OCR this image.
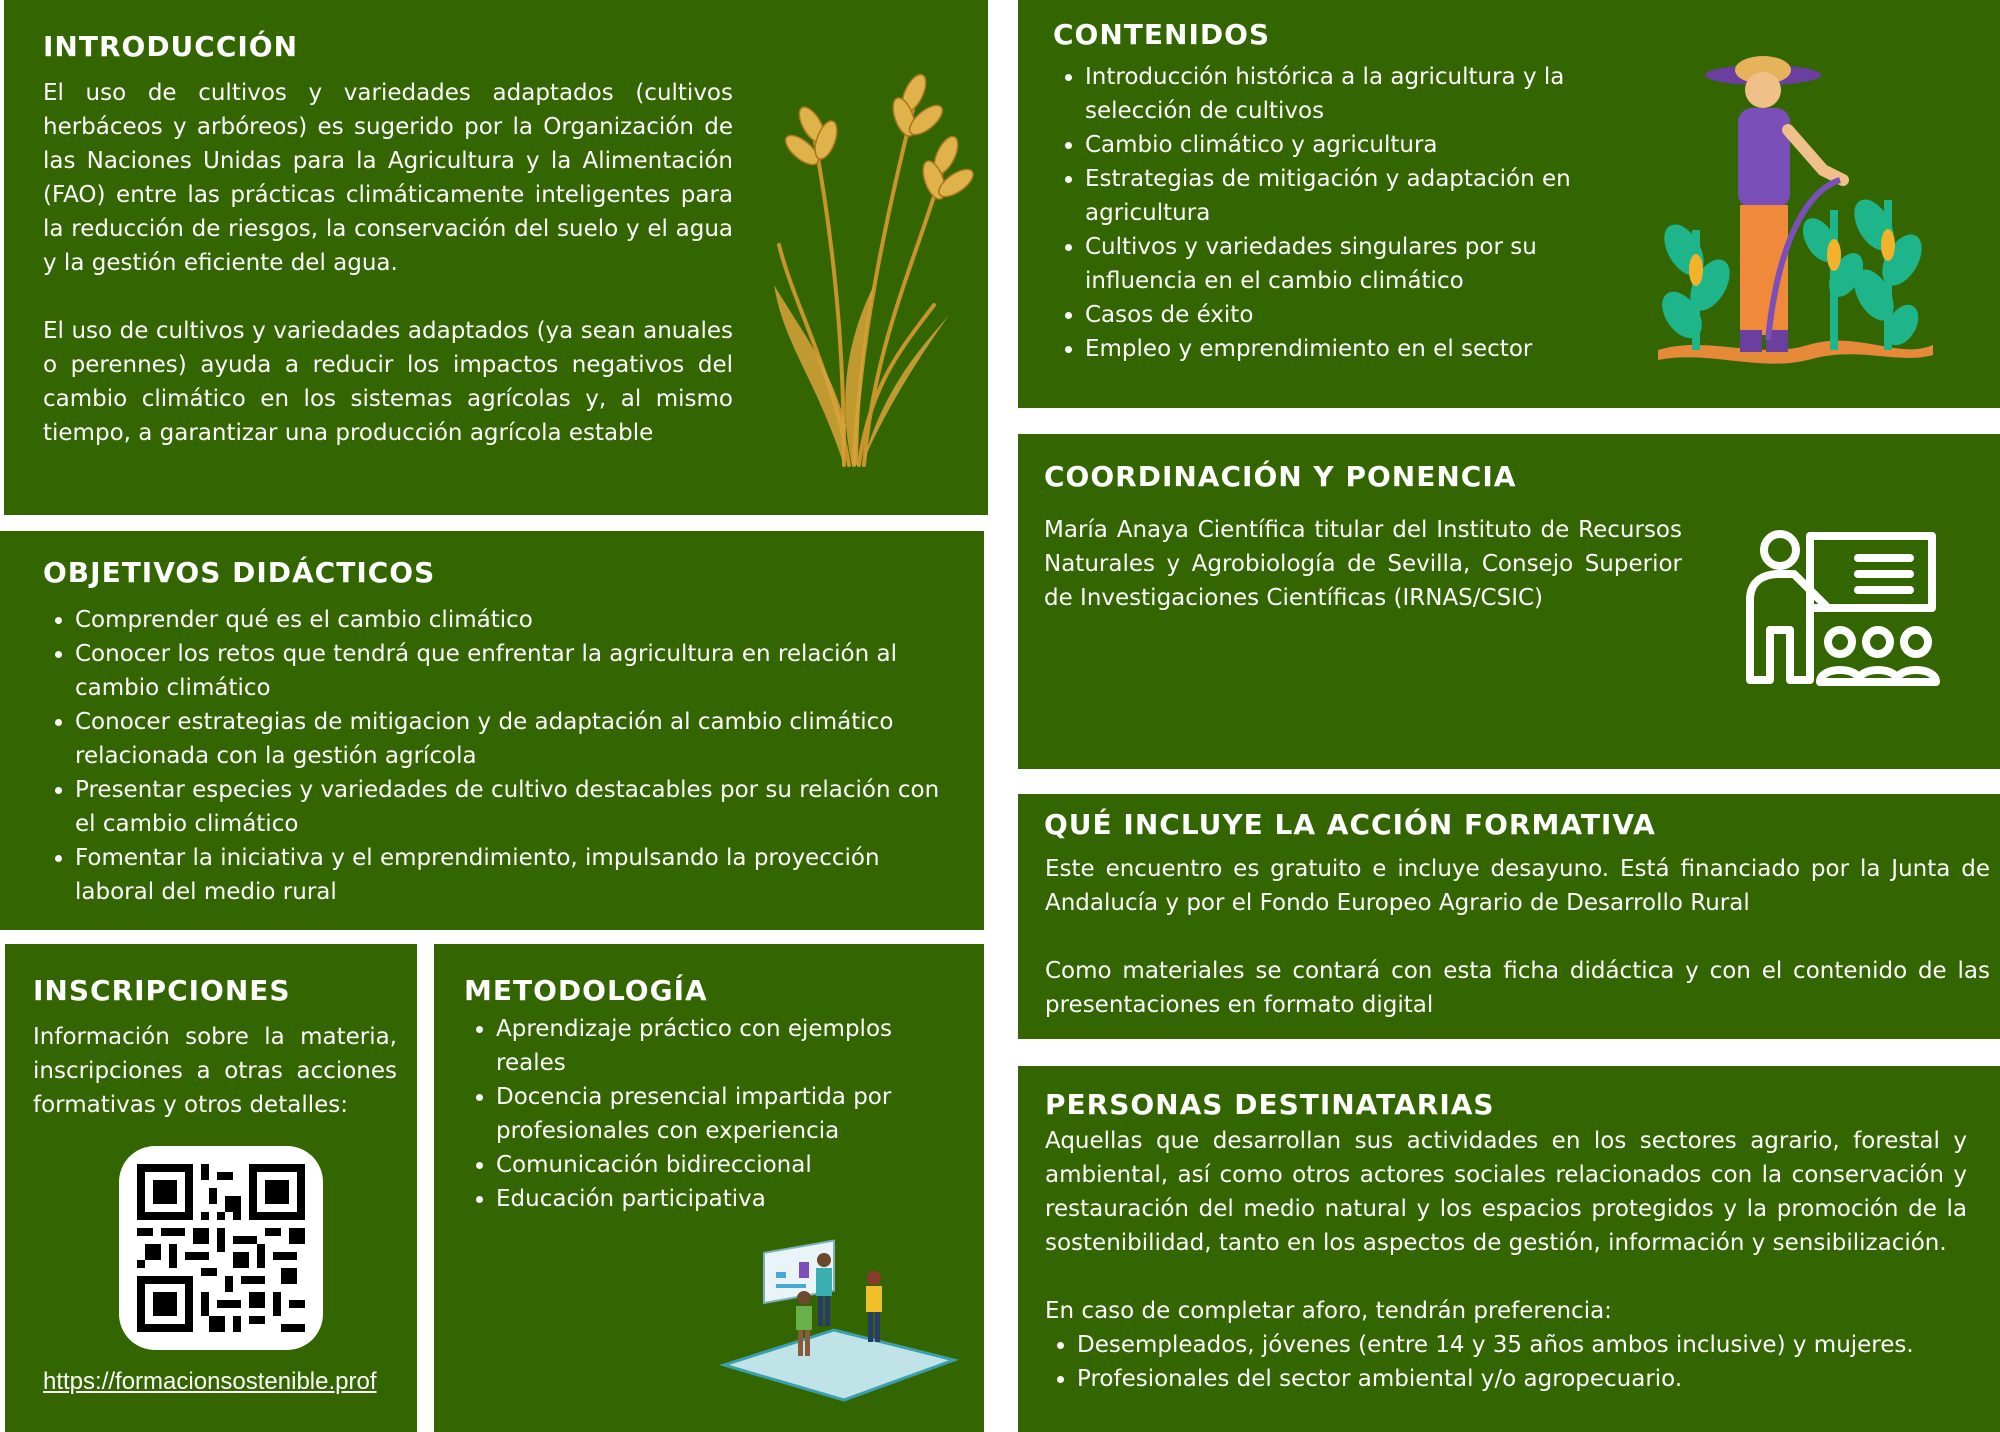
INTRODUCCIÓN

El uso de cultivos y variedades adaptados (cultivos herbáceos y arbóreos) es sugerido por la Organización de las Naciones Unidas para la Agricultura y la Alimentación (FAO) entre las prácticas climáticamente inteligentes para la reducción de riesgos, la conservación del suelo y el agua y la gestión eficiente del agua.

El uso de cultivos y variedades adaptados (ya sean anuales o perennes) ayuda a reducir los impactos negativos del cambio climático en los sistemas agrícolas y, al mismo tiempo, a garantizar una producción agrícola estable

CONTENIDOS
• Introducción histórica a la agricultura y la selección de cultivos
• Cambio climático y agricultura
• Estrategias de mitigación y adaptación en agricultura
• Cultivos y variedades singulares por su influencia en el cambio climático
• Casos de éxito
• Empleo y emprendimiento en el sector
COORDINACIÓN Y PONENCIA

María Anaya Científica titular del Instituto de Recursos Naturales y Agrobiología de Sevilla, Consejo Superior de Investigaciones Científicas (IRNAS/CSIC)

OBJETIVOS DIDÁCTICOS
• Comprender qué es el cambio climático
• Conocer los retos que tendrá que enfrentar la agricultura en relación al cambio climático
• Conocer estrategias de mitigacion y de adaptación al cambio climático relacionada con la gestión agrícola
• Presentar especies y variedades de cultivo destacables por su relación con el cambio climático
• Fomentar la iniciativa y el emprendimiento, impulsando la proyección laboral del medio rural
QUÉ INCLUYE LA ACCIÓN FORMATIVA

Este encuentro es gratuito e incluye desayuno. Está financiado por la Junta de Andalucía y por el Fondo Europeo Agrario de Desarrollo Rural

Como materiales se contará con esta ficha didáctica y con el contenido de las presentaciones en formato digital

INSCRIPCIONES

Información sobre la materia, inscripciones a otras acciones formativas y otros detalles:

https://formacionsostenible.prof
METODOLOGÍA
• Aprendizaje práctico con ejemplos reales
• Docencia presencial impartida por profesionales con experiencia
• Comunicación bidireccional
• Educación participativa
PERSONAS DESTINATARIAS

Aquellas que desarrollan sus actividades en los sectores agrario, forestal y ambiental, así como otros actores sociales relacionados con la conservación y restauración del medio natural y los espacios protegidos y la promoción de la sostenibilidad, tanto en los aspectos de gestión, información y sensibilización.

En caso de completar aforo, tendrán preferencia:

• Desempleados, jóvenes (entre 14 y 35 años ambos inclusive) y mujeres.
• Profesionales del sector ambiental y/o agropecuario.
